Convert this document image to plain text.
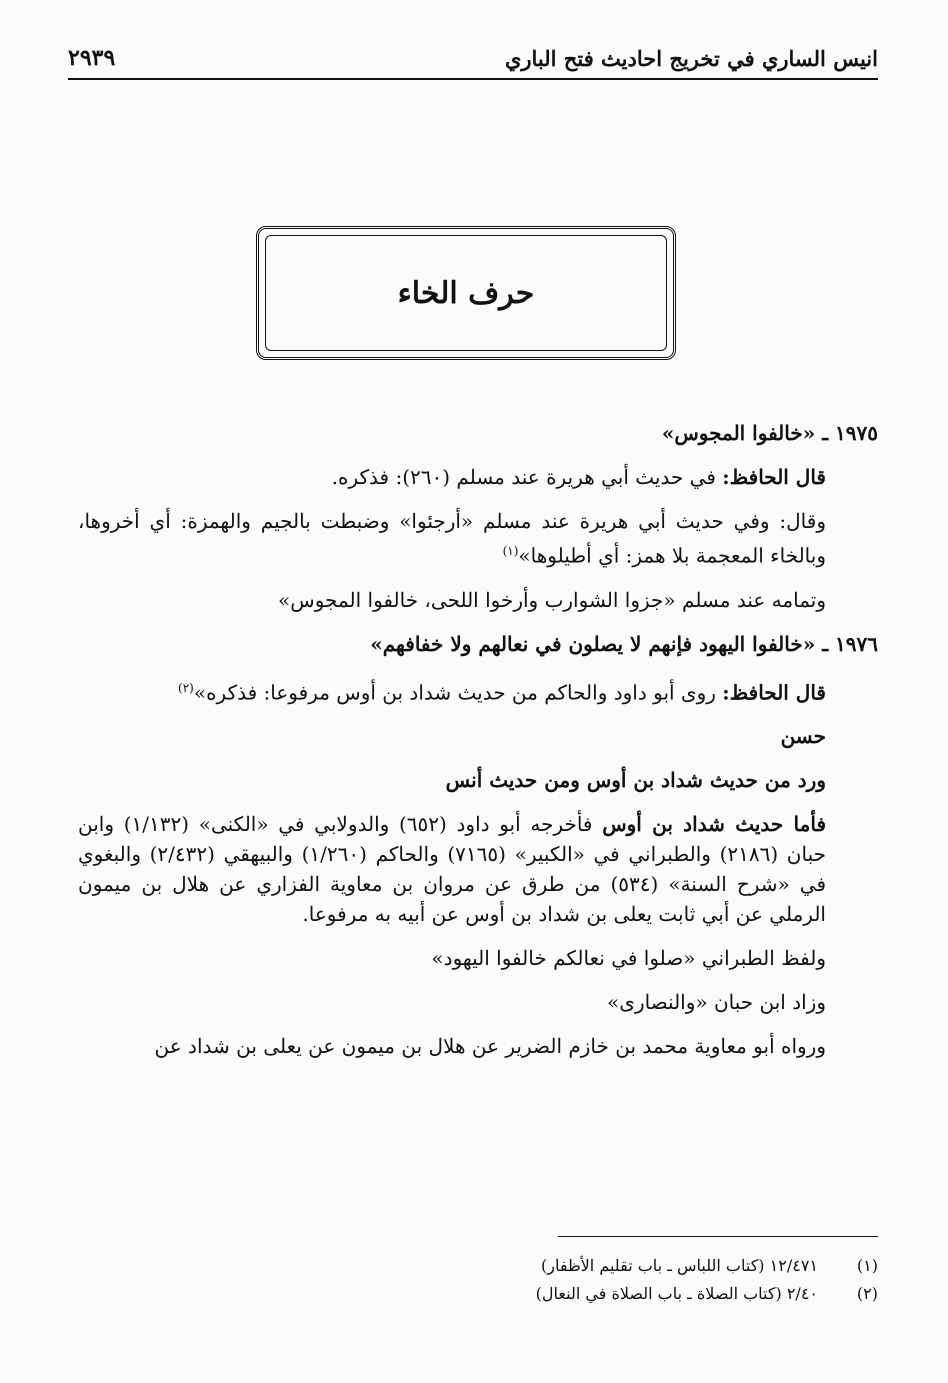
انيس الساري في تخريج احاديث فتح الباري
٢٩٣٩
حرف الخاء

١٩٧٥ ـ «خالفوا المجوس»

قال الحافظ: في حديث أبي هريرة عند مسلم (٢٦٠): فذكره.

وقال: وفي حديث أبي هريرة عند مسلم «أرجئوا» وضبطت بالجيم والهمزة: أي أخروها، وبالخاء المعجمة بلا همز: أي أطيلوها»$^{(١)}$

وتمامه عند مسلم «جزوا الشوارب وأرخوا اللحى، خالفوا المجوس»

١٩٧٦ ـ «خالفوا اليهود فإنهم لا يصلون في نعالهم ولا خفافهم»

قال الحافظ: روى أبو داود والحاكم من حديث شداد بن أوس مرفوعا: فذكره»$^{(٢)}$

حسن

ورد من حديث شداد بن أوس ومن حديث أنس

فأما حديث شداد بن أوس فأخرجه أبو داود (٦٥٢) والدولابي في «الكنى» (١/١٣٢) وابن حبان (٢١٨٦) والطبراني في «الكبير» (٧١٦٥) والحاكم (١/٢٦٠) والبيهقي (٢/٤٣٢) والبغوي في «شرح السنة» (٥٣٤) من طرق عن مروان بن معاوية الفزاري عن هلال بن ميمون الرملي عن أبي ثابت يعلى بن شداد بن أوس عن أبيه به مرفوعا.

ولفظ الطبراني «صلوا في نعالكم خالفوا اليهود»

وزاد ابن حبان «والنصارى»

ورواه أبو معاوية محمد بن خازم الضرير عن هلال بن ميمون عن يعلى بن شداد عن

(١)
١٢/٤٧١ (كتاب اللباس ـ باب تقليم الأظفار)
(٢)
٢/٤٠ (كتاب الصلاة ـ باب الصلاة في النعال)
